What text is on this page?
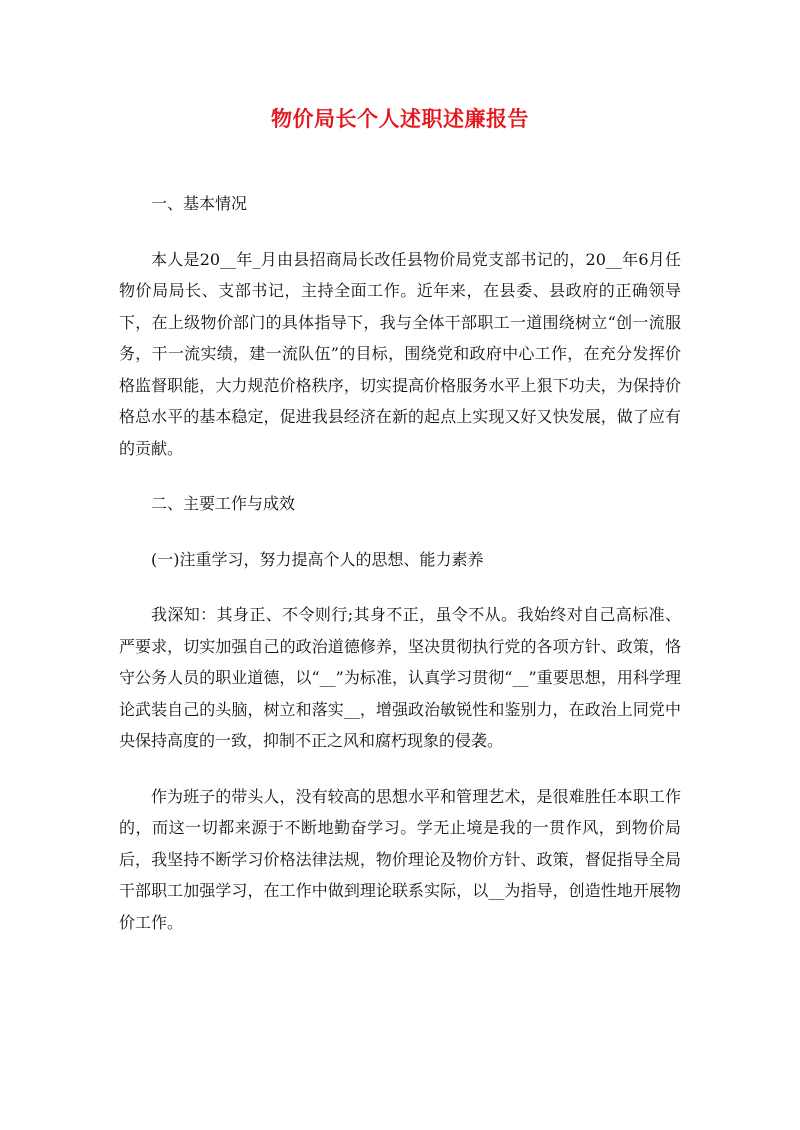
物价局长个人述职述廉报告

一、基本情况

本人是20__年_月由县招商局长改任县物价局党支部书记的，20__年6月任物价局局长、支部书记，主持全面工作。近年来，在县委、县政府的正确领导下，在上级物价部门的具体指导下，我与全体干部职工一道围绕树立“创一流服务，干一流实绩，建一流队伍”的目标，围绕党和政府中心工作，在充分发挥价格监督职能，大力规范价格秩序，切实提高价格服务水平上狠下功夫，为保持价格总水平的基本稳定，促进我县经济在新的起点上实现又好又快发展，做了应有的贡献。

二、主要工作与成效

(一)注重学习，努力提高个人的思想、能力素养

我深知：其身正、不令则行;其身不正，虽令不从。我始终对自己高标准、严要求，切实加强自己的政治道德修养，坚决贯彻执行党的各项方针、政策，恪守公务人员的职业道德，以“__”为标准，认真学习贯彻“__”重要思想，用科学理论武装自己的头脑，树立和落实__，增强政治敏锐性和鉴别力，在政治上同党中央保持高度的一致，抑制不正之风和腐朽现象的侵袭。

作为班子的带头人，没有较高的思想水平和管理艺术，是很难胜任本职工作的，而这一切都来源于不断地勤奋学习。学无止境是我的一贯作风，到物价局后，我坚持不断学习价格法律法规，物价理论及物价方针、政策，督促指导全局干部职工加强学习，在工作中做到理论联系实际，以__为指导，创造性地开展物价工作。
